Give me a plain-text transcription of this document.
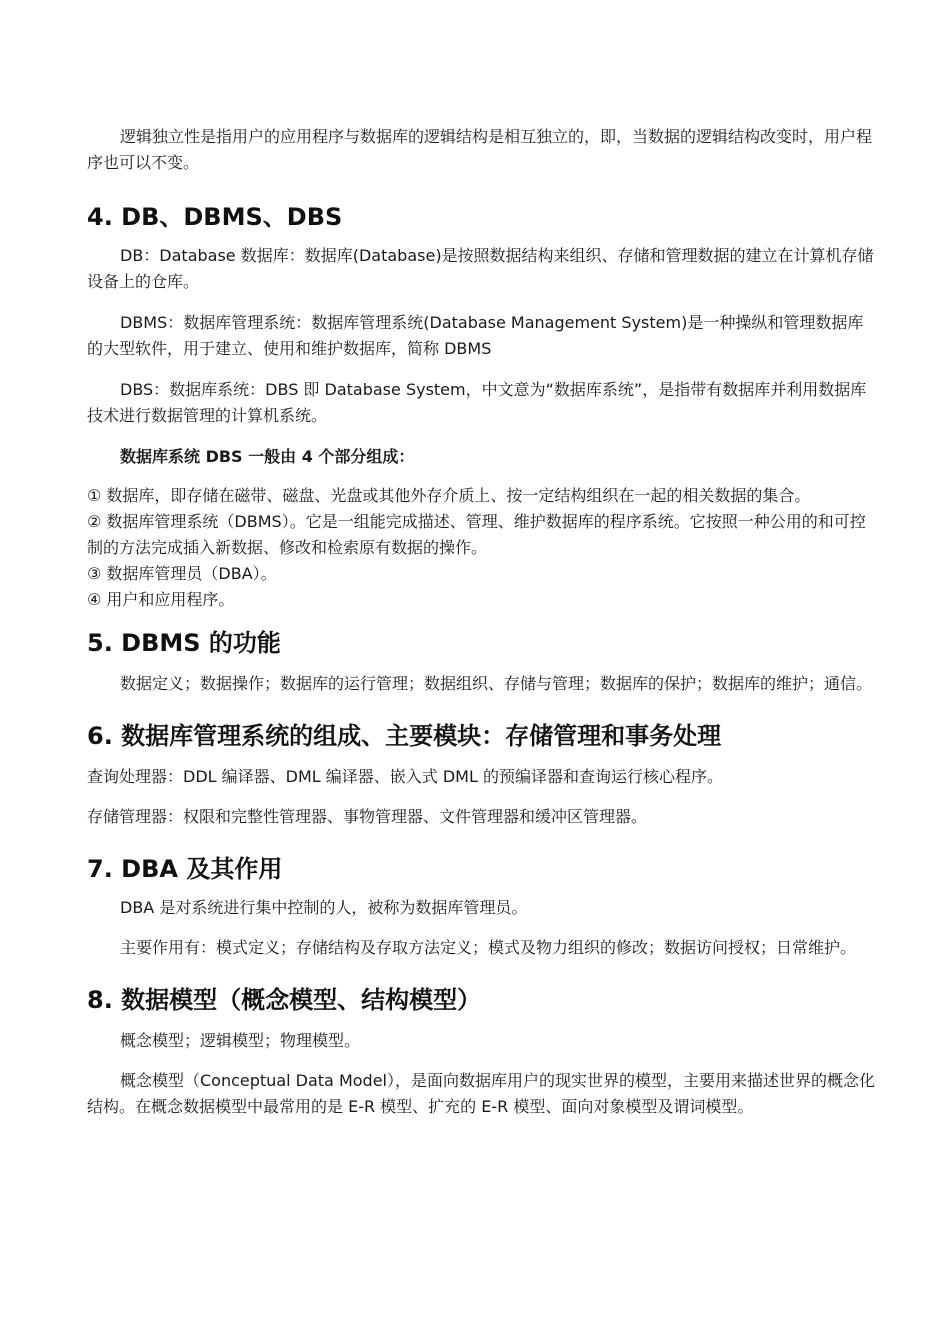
逻辑独立性是指用户的应用程序与数据库的逻辑结构是相互独立的，即，当数据的逻辑结构改变时，用户程序也可以不变。

4. DB、DBMS、DBS

DB：Database 数据库：数据库(Database)是按照数据结构来组织、存储和管理数据的建立在计算机存储设备上的仓库。

DBMS：数据库管理系统：数据库管理系统(Database Management System)是一种操纵和管理数据库的大型软件，用于建立、使用和维护数据库，简称 DBMS

DBS：数据库系统：DBS 即 Database System，中文意为“数据库系统”，是指带有数据库并利用数据库技术进行数据管理的计算机系统。

数据库系统 DBS 一般由 4 个部分组成：

① 数据库，即存储在磁带、磁盘、光盘或其他外存介质上、按一定结构组织在一起的相关数据的集合。

② 数据库管理系统（DBMS）。它是一组能完成描述、管理、维护数据库的程序系统。它按照一种公用的和可控制的方法完成插入新数据、修改和检索原有数据的操作。

③ 数据库管理员（DBA）。

④ 用户和应用程序。

5. DBMS 的功能

数据定义；数据操作；数据库的运行管理；数据组织、存储与管理；数据库的保护；数据库的维护；通信。

6. 数据库管理系统的组成、主要模块：存储管理和事务处理

查询处理器：DDL 编译器、DML 编译器、嵌入式 DML 的预编译器和查询运行核心程序。

存储管理器：权限和完整性管理器、事物管理器、文件管理器和缓冲区管理器。

7. DBA 及其作用

DBA 是对系统进行集中控制的人，被称为数据库管理员。

主要作用有：模式定义；存储结构及存取方法定义；模式及物力组织的修改；数据访问授权；日常维护。

8. 数据模型（概念模型、结构模型）

概念模型；逻辑模型；物理模型。

概念模型（Conceptual Data Model），是面向数据库用户的现实世界的模型，主要用来描述世界的概念化结构。在概念数据模型中最常用的是 E-R 模型、扩充的 E-R 模型、面向对象模型及谓词模型。
